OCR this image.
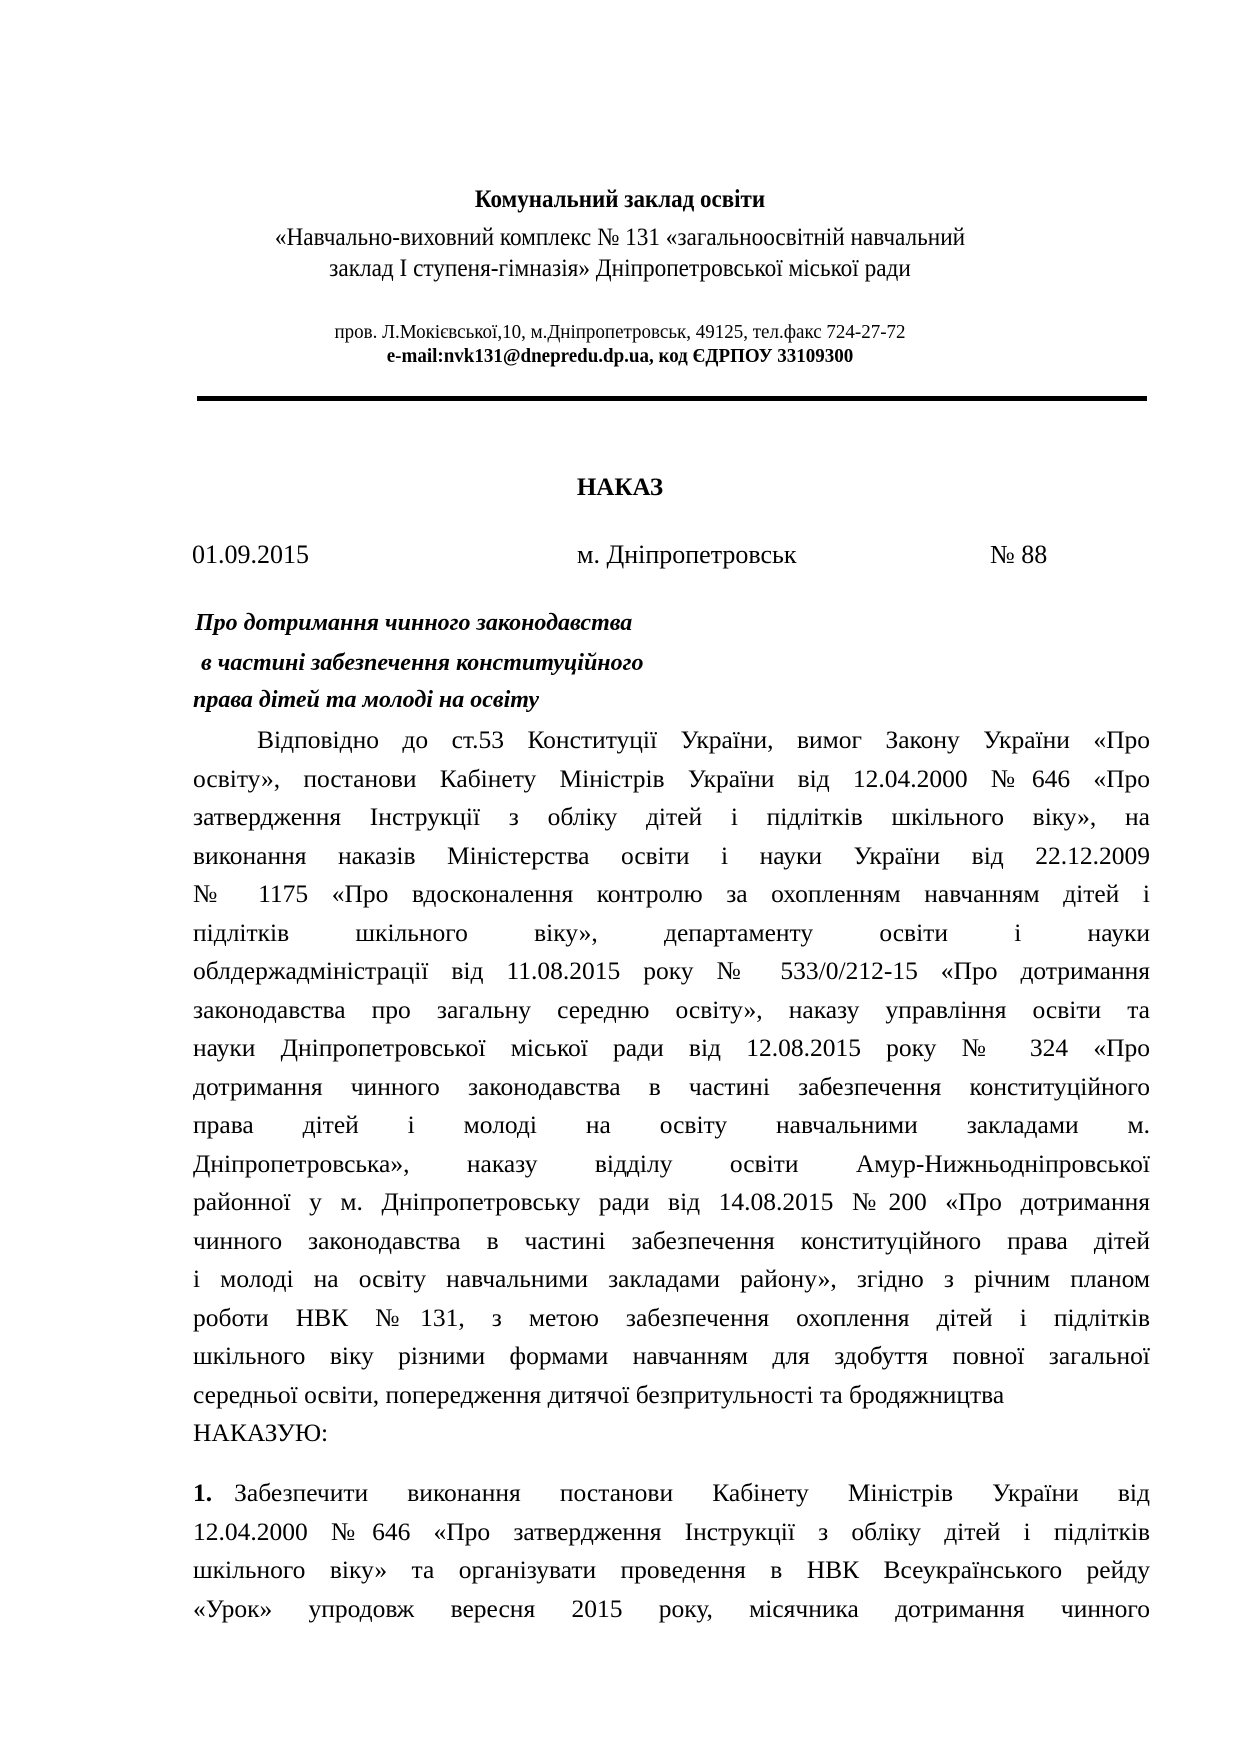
Комунальний заклад освіти
«Навчально-виховний комплекс № 131 «загальноосвітній навчальний
заклад І ступеня-гімназія» Дніпропетровської міської ради
пров. Л.Мокієвської,10, м.Дніпропетровськ, 49125, тел.факс 724-27-72
e-mail:nvk131@dnepredu.dp.ua, код ЄДРПОУ 33109300
НАКАЗ
01.09.2015	м. Дніпропетровськ	№ 88
Про дотримання чинного законодавства
в частині забезпечення конституційного
права дітей та молоді на освіту
Відповідно до ст.53 Конституції України, вимог Закону України «Про
освіту», постанови Кабінету Міністрів України від 12.04.2000 №646 «Про
затвердження Інструкції з обліку дітей і підлітків шкільного віку», на
виконання наказів Міністерства освіти і науки України від 22.12.2009
№ 1175 «Про вдосконалення контролю за охопленням навчанням дітей і
підлітків шкільного віку», департаменту освіти і науки
облдержадміністрації від 11.08.2015 року № 533/0/212-15 «Про дотримання
законодавства про загальну середню освіту», наказу управління освіти та
науки Дніпропетровської міської ради від 12.08.2015 року № 324 «Про
дотримання чинного законодавства в частині забезпечення конституційного
права дітей і молоді на освіту навчальними закладами м.
Дніпропетровська», наказу відділу освіти Амур-Нижньодніпровської
районної у м. Дніпропетровську ради від 14.08.2015 №200 «Про дотримання
чинного законодавства в частині забезпечення конституційного права дітей
і молоді на освіту навчальними закладами району», згідно з річним планом
роботи НВК №131, з метою забезпечення охоплення дітей і підлітків
шкільного віку різними формами навчанням для здобуття повної загальної
середньої освіти, попередження дитячої безпритульності та бродяжництва
НАКАЗУЮ:
1. Забезпечити виконання постанови Кабінету Міністрів України від
12.04.2000 №646 «Про затвердження Інструкції з обліку дітей і підлітків
шкільного віку» та організувати проведення в НВК Всеукраїнського рейду
«Урок» упродовж вересня 2015 року, місячника дотримання чинного
